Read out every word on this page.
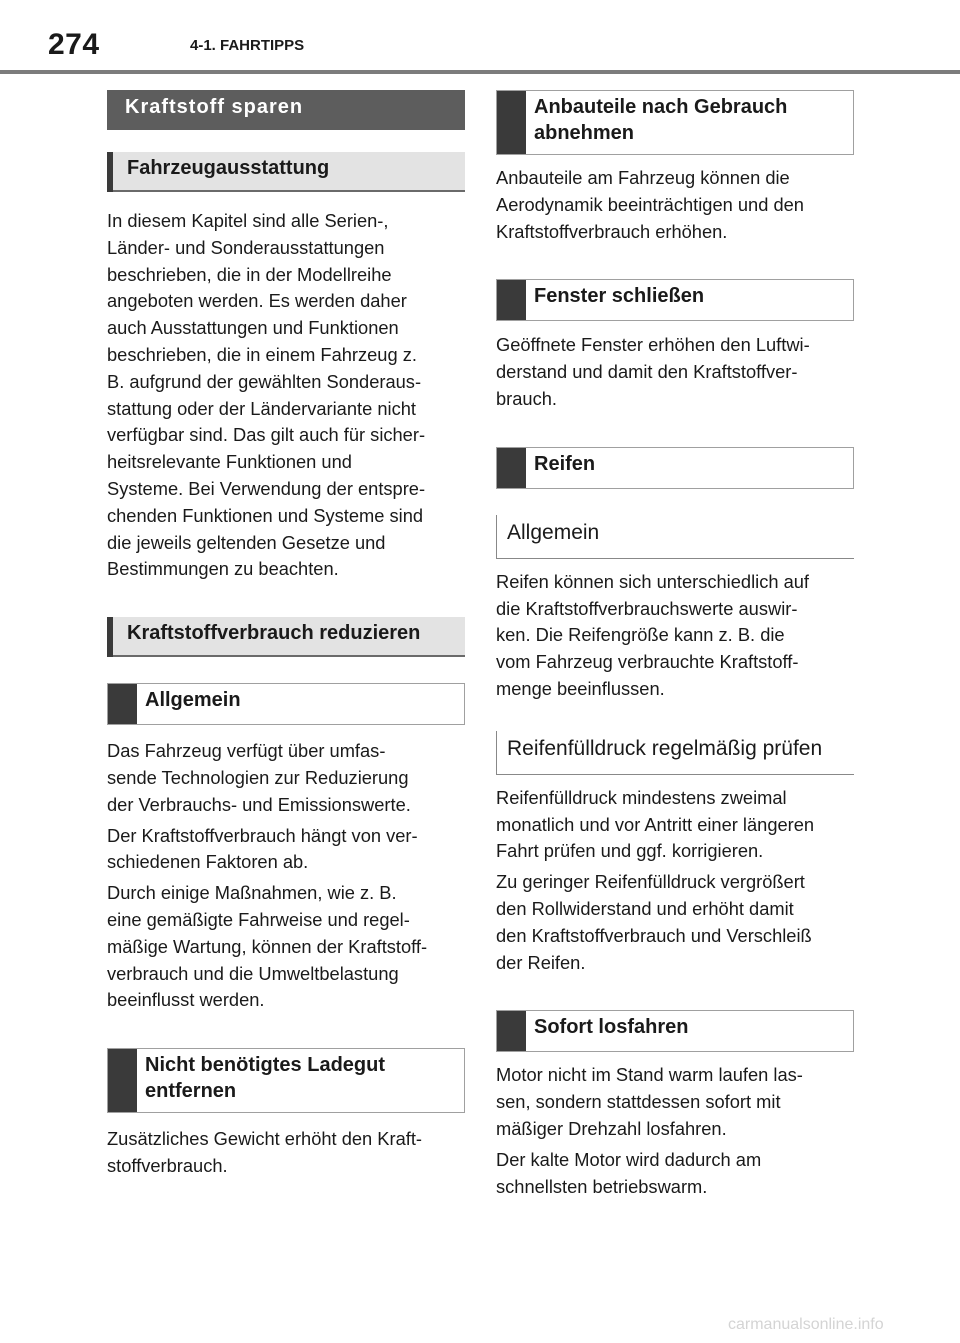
274	4-1. FAHRTIPPS
Kraftstoff sparen
Fahrzeugausstattung

In diesem Kapitel sind alle Serien-,
Länder- und Sonderausstattungen
beschrieben, die in der Modellreihe
angeboten werden. Es werden daher
auch Ausstattungen und Funktionen
beschrieben, die in einem Fahrzeug z.
B. aufgrund der gewählten Sonderaus-
stattung oder der Ländervariante nicht
verfügbar sind. Das gilt auch für sicher-
heitsrelevante Funktionen und
Systeme. Bei Verwendung der entspre-
chenden Funktionen und Systeme sind
die jeweils geltenden Gesetze und
Bestimmungen zu beachten.

Kraftstoffverbrauch reduzieren
Allgemein

Das Fahrzeug verfügt über umfas-
sende Technologien zur Reduzierung
der Verbrauchs- und Emissionswerte.

Der Kraftstoffverbrauch hängt von ver-
schiedenen Faktoren ab.

Durch einige Maßnahmen, wie z. B.
eine gemäßigte Fahrweise und regel-
mäßige Wartung, können der Kraftstoff-
verbrauch und die Umweltbelastung
beeinflusst werden.

Nicht benötigtes Ladegut
entfernen

Zusätzliches Gewicht erhöht den Kraft-
stoffverbrauch.

Anbauteile nach Gebrauch
abnehmen

Anbauteile am Fahrzeug können die
Aerodynamik beeinträchtigen und den
Kraftstoffverbrauch erhöhen.

Fenster schließen

Geöffnete Fenster erhöhen den Luftwi-
derstand und damit den Kraftstoffver-
brauch.

Reifen
Allgemein

Reifen können sich unterschiedlich auf
die Kraftstoffverbrauchswerte auswir-
ken. Die Reifengröße kann z. B. die
vom Fahrzeug verbrauchte Kraftstoff-
menge beeinflussen.

Reifenfülldruck regelmäßig prüfen

Reifenfülldruck mindestens zweimal
monatlich und vor Antritt einer längeren
Fahrt prüfen und ggf. korrigieren.

Zu geringer Reifenfülldruck vergrößert
den Rollwiderstand und erhöht damit
den Kraftstoffverbrauch und Verschleiß
der Reifen.

Sofort losfahren

Motor nicht im Stand warm laufen las-
sen, sondern stattdessen sofort mit
mäßiger Drehzahl losfahren.

Der kalte Motor wird dadurch am
schnellsten betriebswarm.

carmanualsonline.info
